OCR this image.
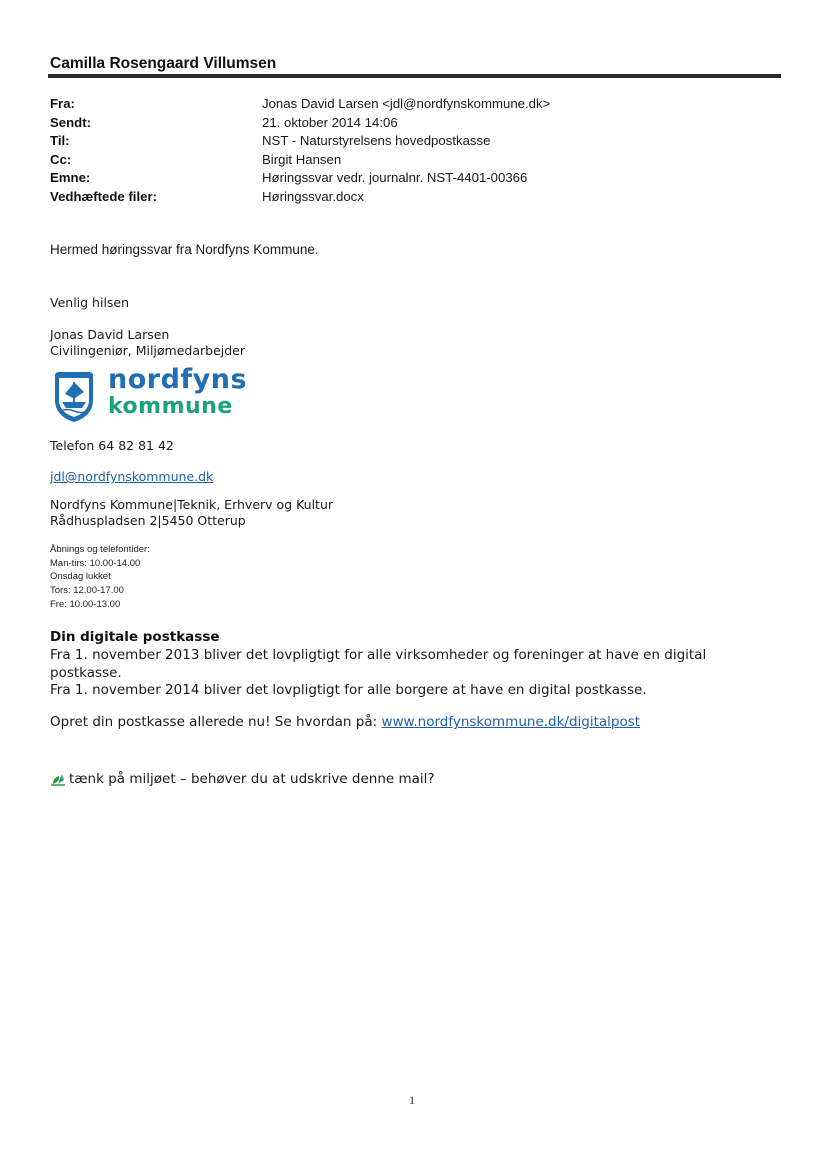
Camilla Rosengaard Villumsen
Fra:	Jonas David Larsen <jdl@nordfynskommune.dk>
Sendt:	21. oktober 2014 14:06
Til:	NST - Naturstyrelsens hovedpostkasse
Cc:	Birgit Hansen
Emne:	Høringssvar vedr. journalnr. NST-4401-00366
Vedhæftede filer:	Høringssvar.docx
Hermed høringssvar fra Nordfyns Kommune.
Venlig hilsen
Jonas David Larsen
Civilingeniør, Miljømedarbejder
nordfyns
kommune
Telefon 64 82 81 42
jdl@nordfynskommune.dk
Nordfyns Kommune|Teknik, Erhverv og Kultur
Rådhuspladsen 2|5450 Otterup
Åbnings og telefontider:
Man-tirs: 10.00-14.00
Onsdag lukket
Tors: 12.00-17.00
Fre: 10.00-13.00
Din digitale postkasse
Fra 1. november 2013 bliver det lovpligtigt for alle virksomheder og foreninger at have en digital postkasse.
Fra 1. november 2014 bliver det lovpligtigt for alle borgere at have en digital postkasse.
Opret din postkasse allerede nu! Se hvordan på: www.nordfynskommune.dk/digitalpost
tænk på miljøet – behøver du at udskrive denne mail?
1
